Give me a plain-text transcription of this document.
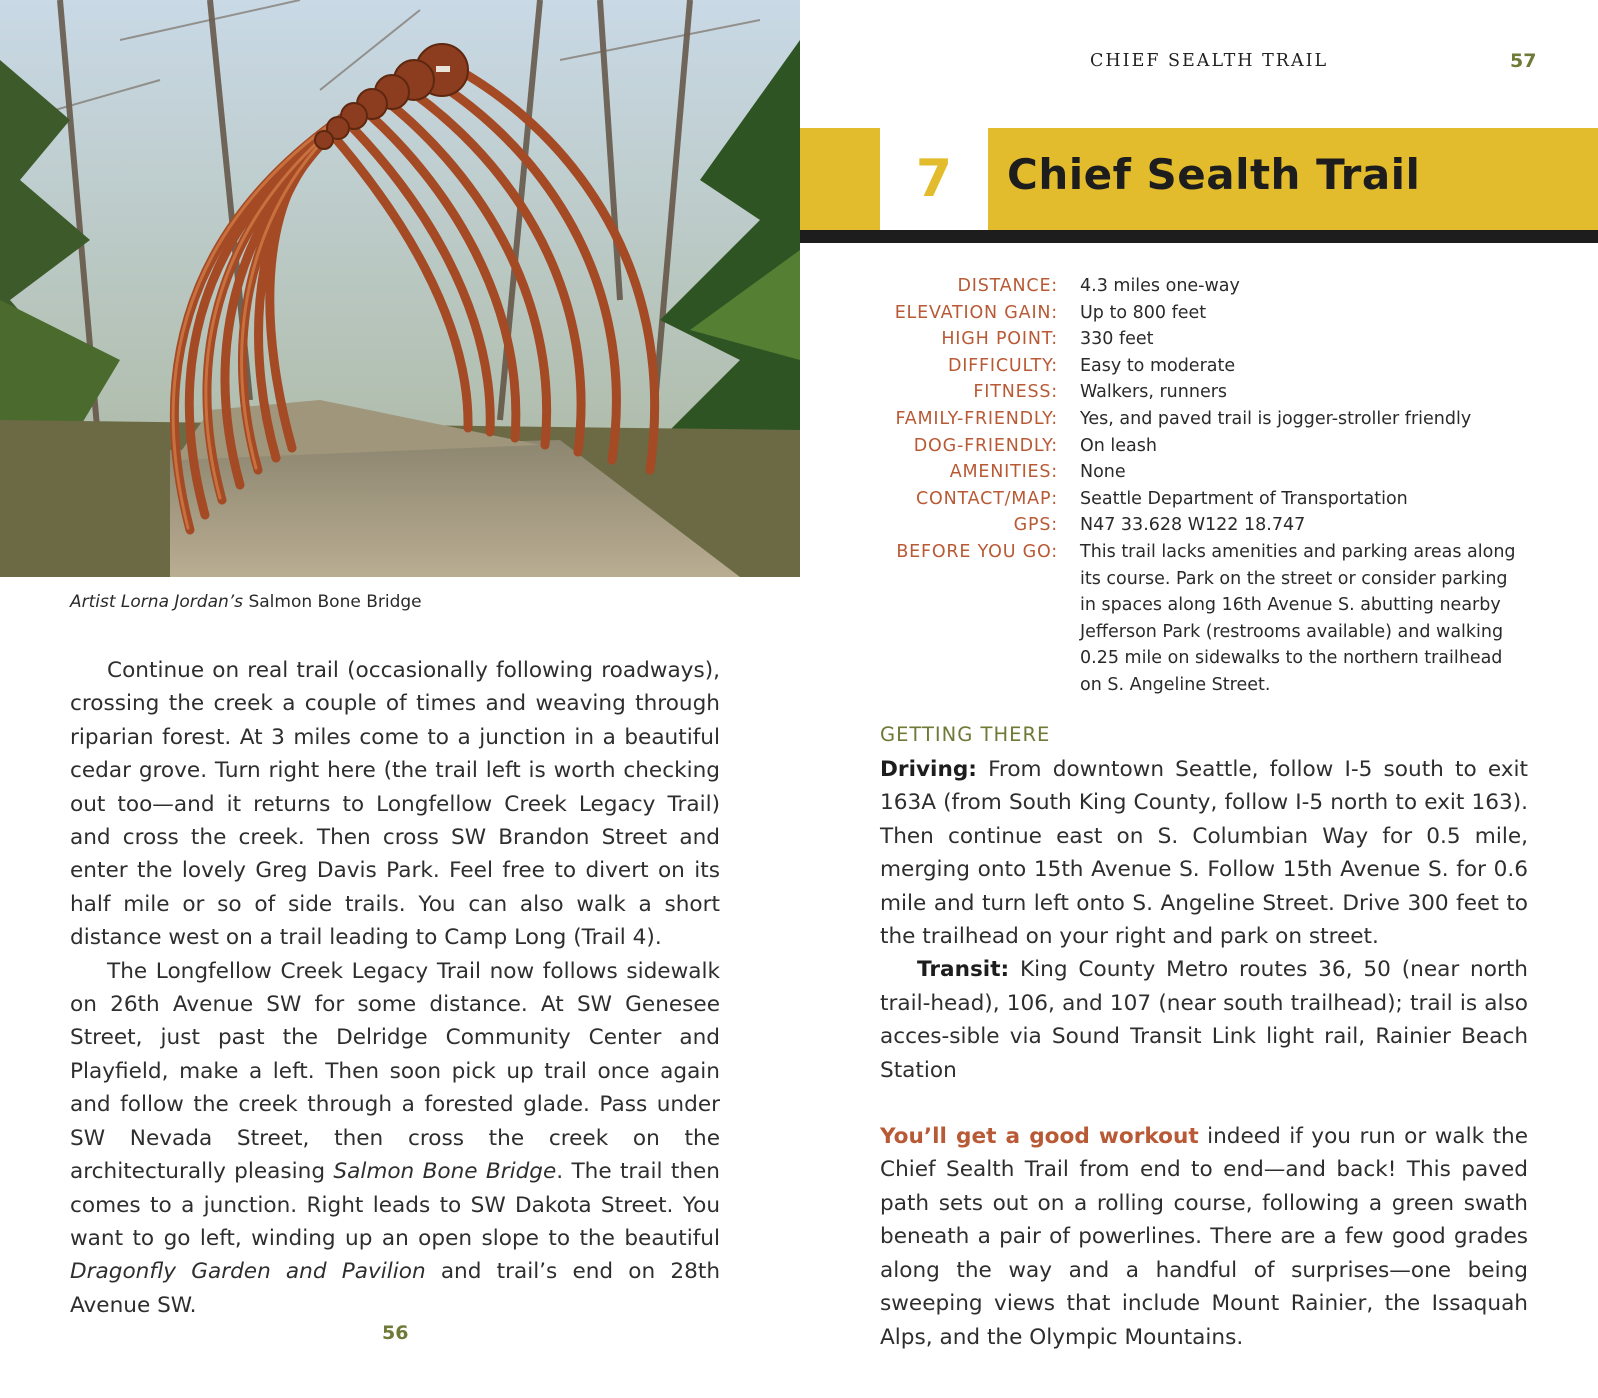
Artist Lorna Jordan’s Salmon Bone Bridge

Continue on real trail (occasionally following roadways), crossing the creek a couple of times and weaving through riparian forest. At 3 miles come to a junction in a beautiful cedar grove. Turn right here (the trail left is worth checking out too—and it returns to Longfellow Creek Legacy Trail) and cross the creek. Then cross SW Brandon Street and enter the lovely Greg Davis Park. Feel free to divert on its half mile or so of side trails. You can also walk a short distance west on a trail leading to Camp Long (Trail 4).

The Longfellow Creek Legacy Trail now follows sidewalk on 26th Avenue SW for some distance. At SW Genesee Street, just past the Delridge Community Center and Playfield, make a left. Then soon pick up trail once again and follow the creek through a forested glade. Pass under SW Nevada Street, then cross the creek on the architecturally pleasing Salmon Bone Bridge. The trail then comes to a junction. Right leads to SW Dakota Street. You want to go left, winding up an open slope to the beautiful Dragonfly Garden and Pavilion and trail’s end on 28th Avenue SW.

56
CHIEF SEALTH TRAIL	57
7	Chief Sealth Trail
DISTANCE:	4.3 miles one-way
ELEVATION GAIN:	Up to 800 feet
HIGH POINT:	330 feet
DIFFICULTY:	Easy to moderate
FITNESS:	Walkers, runners
FAMILY-FRIENDLY:	Yes, and paved trail is jogger-stroller friendly
DOG-FRIENDLY:	On leash
AMENITIES:	None
CONTACT/MAP:	Seattle Department of Transportation
GPS:	N47 33.628 W122 18.747
BEFORE YOU GO:	This trail lacks amenities and parking areas along its course. Park on the street or consider parking in spaces along 16th Avenue S. abutting nearby Jefferson Park (restrooms available) and walking 0.25 mile on sidewalks to the northern trailhead on S. Angeline Street.
GETTING THERE

Driving: From downtown Seattle, follow I-5 south to exit 163A (from South King County, follow I-5 north to exit 163). Then continue east on S. Columbian Way for 0.5 mile, merging onto 15th Avenue S. Follow 15th Avenue S. for 0.6 mile and turn left onto S. Angeline Street. Drive 300 feet to the trailhead on your right and park on street.

Transit: King County Metro routes 36, 50 (near north trail-head), 106, and 107 (near south trailhead); trail is also acces-sible via Sound Transit Link light rail, Rainier Beach Station

You’ll get a good workout indeed if you run or walk the Chief Sealth Trail from end to end—and back! This paved path sets out on a rolling course, following a green swath beneath a pair of powerlines. There are a few good grades along the way and a handful of surprises—one being sweeping views that include Mount Rainier, the Issaquah Alps, and the Olympic Mountains.
